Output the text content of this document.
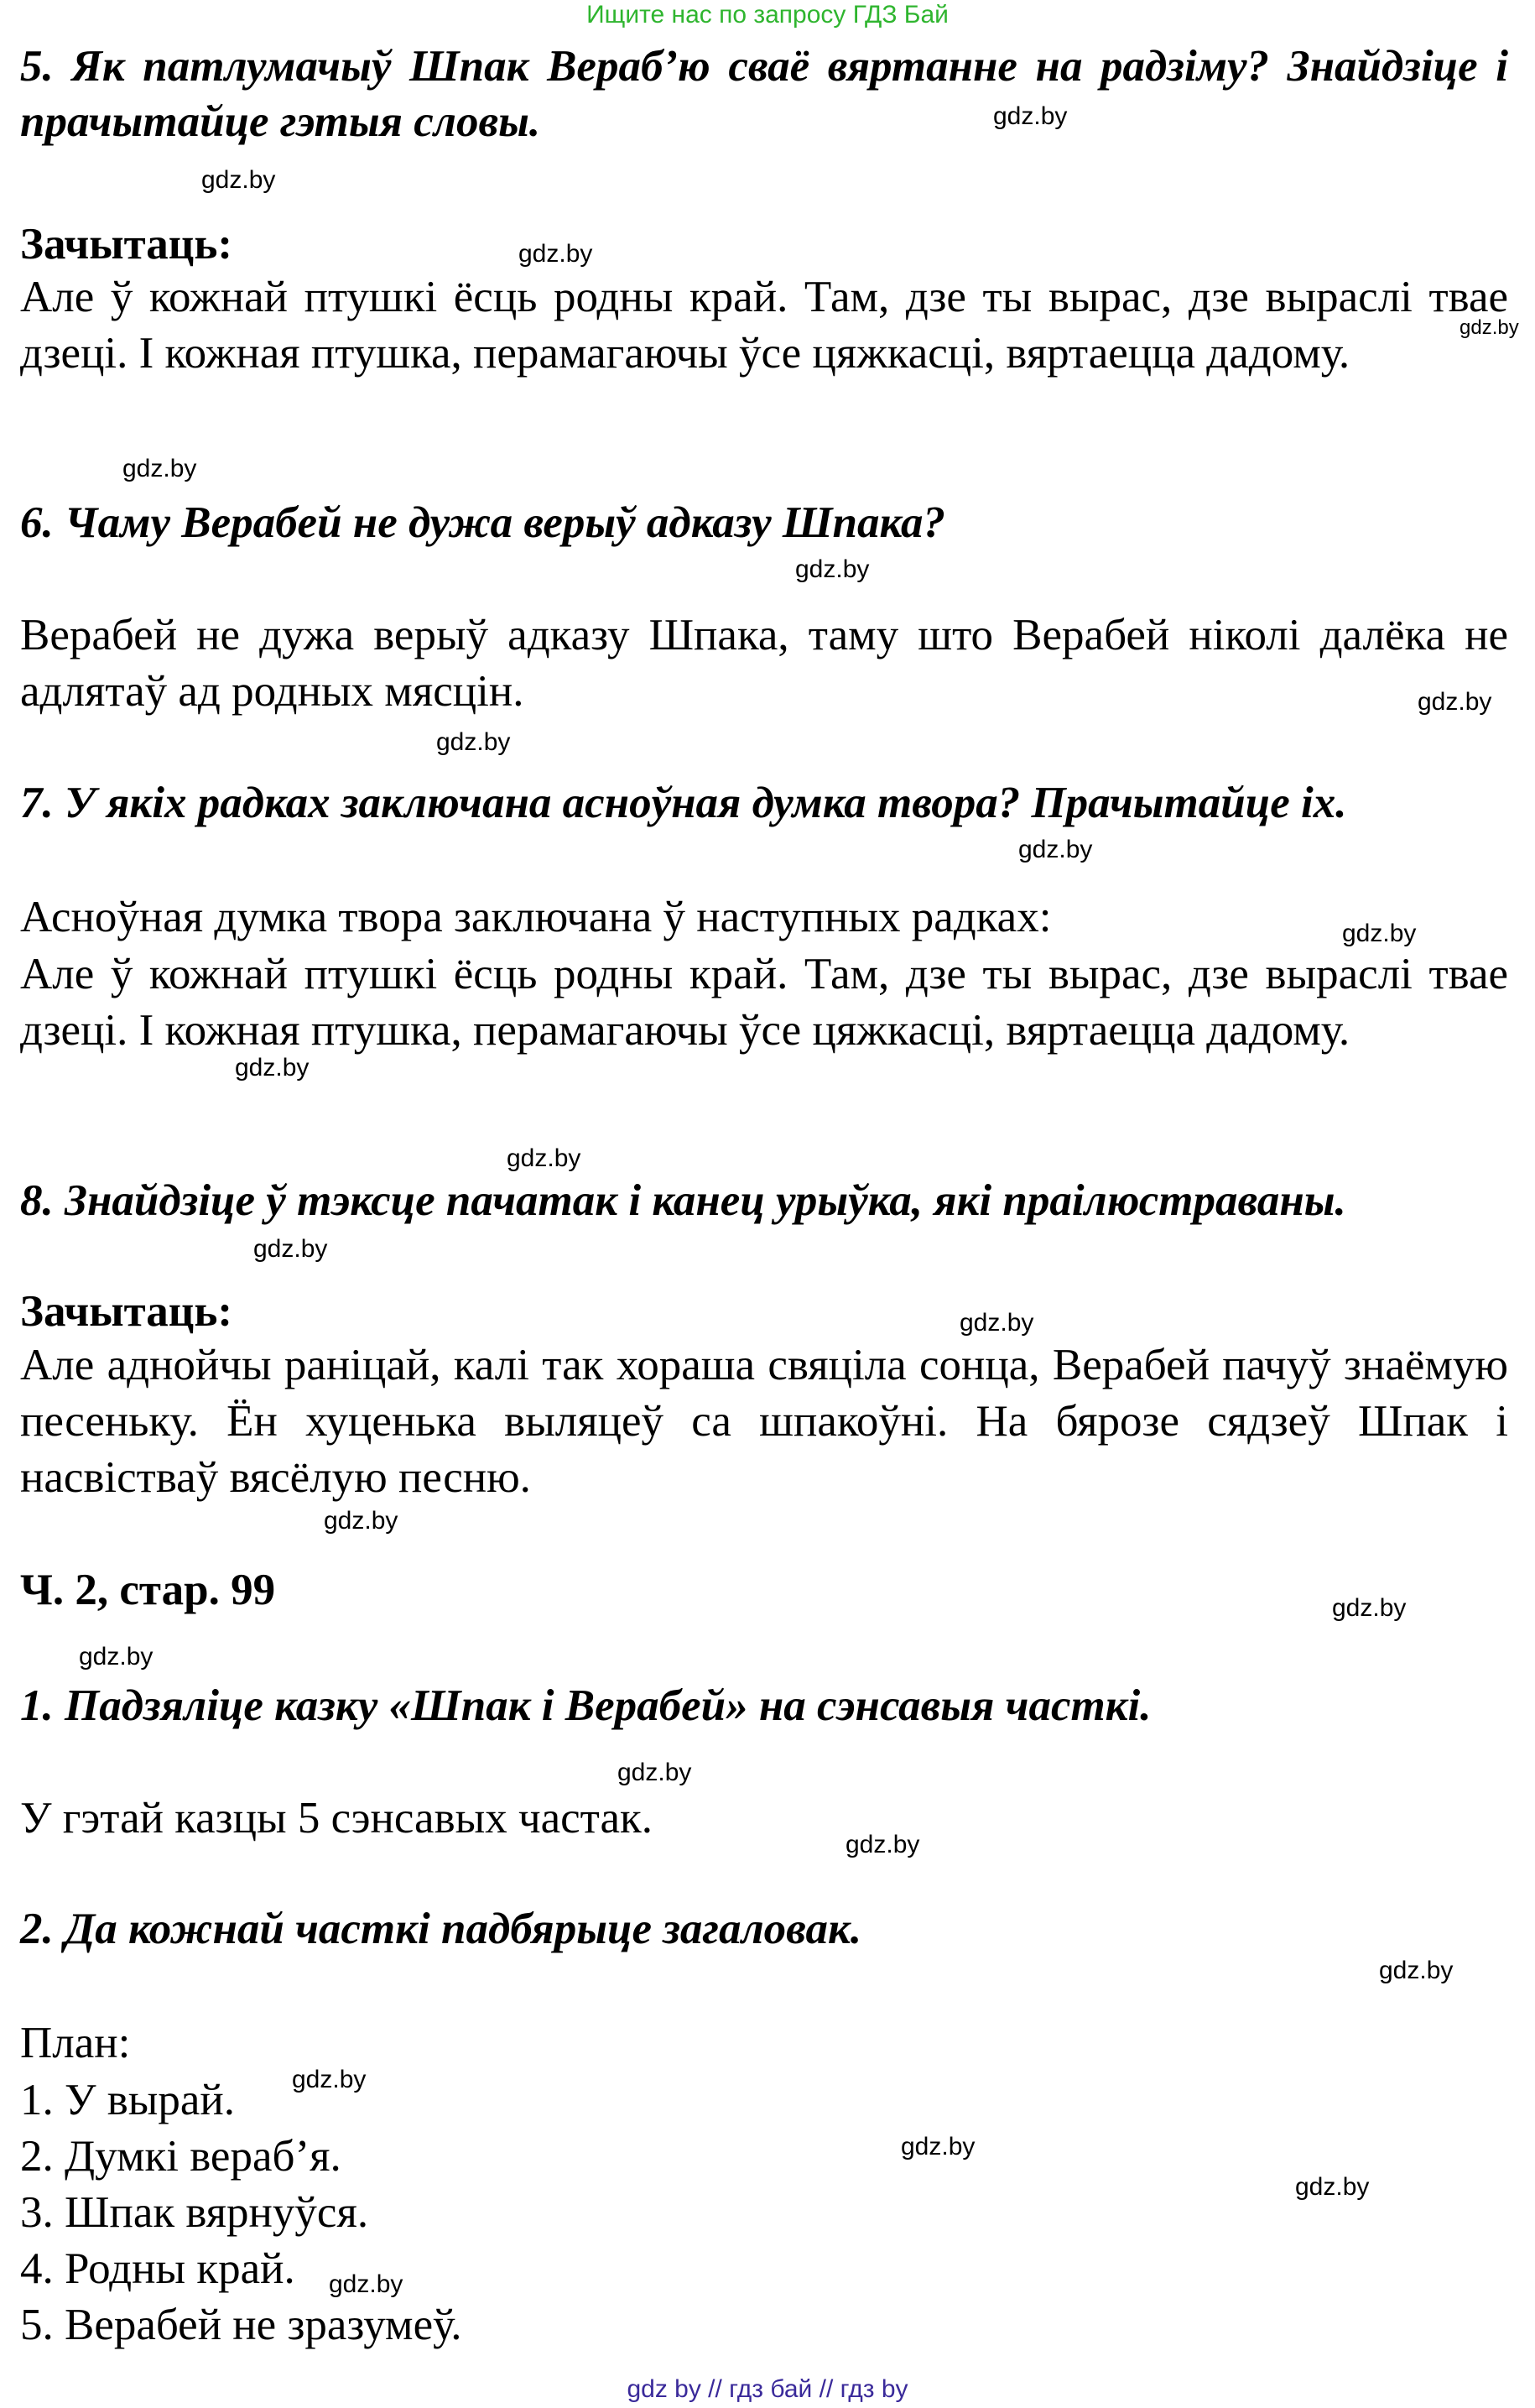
Ищите нас по запросу ГДЗ Бай
5. Як патлумачыў Шпак Вераб’ю сваё вяртанне на радзіму? Знайдзіце і прачытайце гэтыя словы.
Зачытаць:
Але ў кожнай птушкі ёсць родны край. Там, дзе ты вырас, дзе выраслі твае дзеці. І кожная птушка, перамагаючы ўсе цяжкасці, вяртаецца дадому.
6. Чаму Верабей не дужа верыў адказу Шпака?
Верабей не дужа верыў адказу Шпака, таму што Верабей ніколі далёка не адлятаў ад родных мясцін.
7. У якіх радках заключана асноўная думка твора? Прачытайце іх.
Асноўная думка твора заключана ў наступных радках:
Але ў кожнай птушкі ёсць родны край. Там, дзе ты вырас, дзе выраслі твае дзеці. І кожная птушка, перамагаючы ўсе цяжкасці, вяртаецца дадому.
8. Знайдзіце ў тэксце пачатак і канец урыўка, які праілюстраваны.
Зачытаць:
Але аднойчы раніцай, калі так хораша свяціла сонца, Верабей пачуў знаёмую песеньку. Ён хуценька выляцеў са шпакоўні. На бярозе сядзеў Шпак і насвістваў вясёлую песню.
Ч. 2, стар. 99
1. Падзяліце казку «Шпак і Верабей» на сэнсавыя часткі.
У гэтай казцы 5 сэнсавых частак.
2. Да кожнай часткі падбярыце загаловак.
План:
1. У вырай.
2. Думкі вераб’я.
3. Шпак вярнуўся.
4. Родны край.
5. Верабей не зразумеў.
gdz.by
gdz.by
gdz.by
gdz.by
gdz.by
gdz.by
gdz.by
gdz.by
gdz.by
gdz.by
gdz.by
gdz.by
gdz.by
gdz.by
gdz.by
gdz.by
gdz.by
gdz.by
gdz.by
gdz.by
gdz.by
gdz.by
gdz.by
gdz.by
gdz by // гдз бай // гдз by
